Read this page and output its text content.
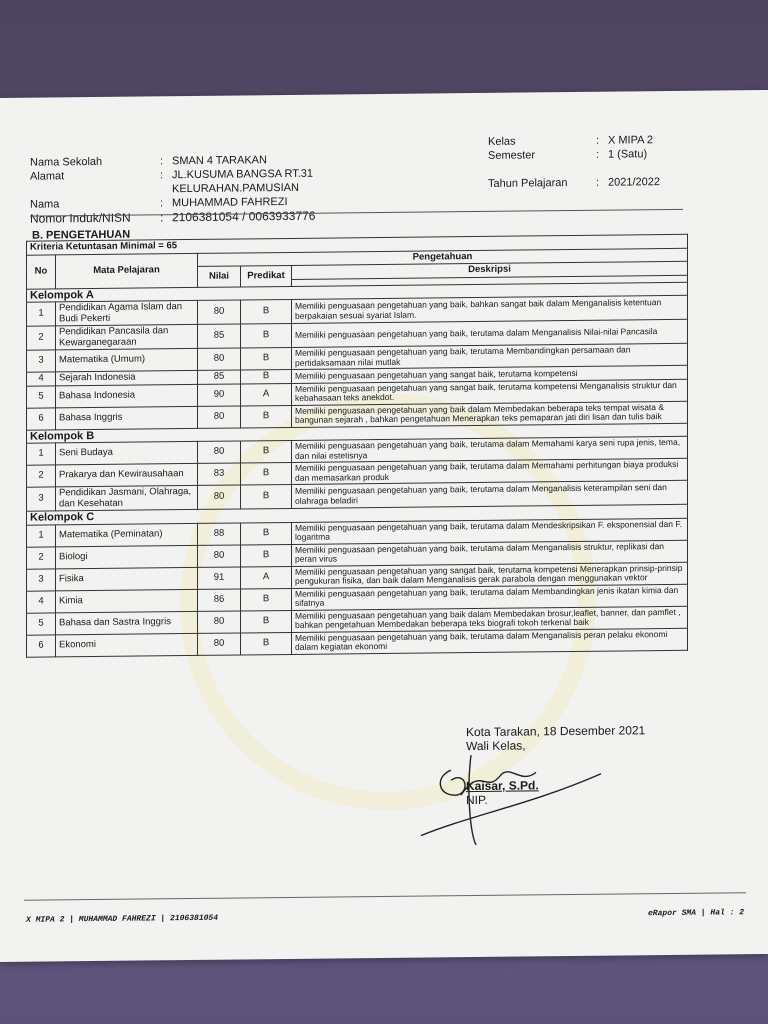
Kelas	: X MIPA 2
Semester	: 1 (Satu)
Tahun Pelajaran	: 2021/2022
Nama Sekolah	: SMAN 4 TARAKAN
Alamat	: JL.KUSUMA BANGSA RT.31
KELURAHAN.PAMUSIAN
Nama	: MUHAMMAD FAHREZI
Nomor Induk/NISN	: 2106381054 / 0063933776
B. PENGETAHUAN
Kriteria Ketuntasan Minimal = 65				
No	Mata Pelajaran	Pengetahuan		
		Nilai	Predikat	Deskripsi

Kelompok A				
1	Pendidikan Agama Islam dan Budi Pekerti	80	B	Memiliki penguasaan pengetahuan yang baik, bahkan sangat baik dalam Menganalisis ketentuan berpakaian sesuai syariat Islam.
2	Pendidikan Pancasila dan Kewarganegaraan	85	B	Memiliki penguasaan pengetahuan yang baik, terutama dalam Menganalisis Nilai-nilai Pancasila
3	Matematika (Umum)	80	B	Memiliki penguasaan pengetahuan yang baik, terutama Membandingkan persamaan dan pertidaksamaan nilai mutlak
4	Sejarah Indonesia	85	B	Memiliki penguasaan pengetahuan yang sangat baik, terutama kompetensi
5	Bahasa Indonesia	90	A	Memiliki penguasaan pengetahuan yang sangat baik, terutama kompetensi Menganalisis struktur dan kebahasaan teks anekdot.
6	Bahasa Inggris	80	B	Memiliki penguasaan pengetahuan yang baik dalam Membedakan beberapa teks tempat wisata & bangunan sejarah , bahkan pengetahuan Menerapkan teks pemaparan jati diri lisan dan tulis baik
Kelompok B				
1	Seni Budaya	80	B	Memiliki penguasaan pengetahuan yang baik, terutama dalam Memahami karya seni rupa jenis, tema, dan nilai estetisnya
2	Prakarya dan Kewirausahaan	83	B	Memiliki penguasaan pengetahuan yang baik, terutama dalam Memahami perhitungan biaya produksi dan memasarkan produk
3	Pendidikan Jasmani, Olahraga, dan Kesehatan	80	B	Memiliki penguasaan pengetahuan yang baik, terutama dalam Menganalisis keterampilan seni dan olahraga beladiri
Kelompok C				
1	Matematika (Peminatan)	88	B	Memiliki penguasaan pengetahuan yang baik, terutama dalam Mendeskripsikan F. eksponensial dan F. logaritma
2	Biologi	80	B	Memiliki penguasaan pengetahuan yang baik, terutama dalam Menganalisis struktur, replikasi dan peran virus
3	Fisika	91	A	Memiliki penguasaan pengetahuan yang sangat baik, terutama kompetensi Menerapkan prinsip-prinsip pengukuran fisika, dan baik dalam Menganalisis gerak parabola dengan menggunakan vektor
4	Kimia	86	B	Memiliki penguasaan pengetahuan yang baik, terutama dalam Membandingkan jenis ikatan kimia dan sifatnya
5	Bahasa dan Sastra Inggris	80	B	Memiliki penguasaan pengetahuan yang baik dalam Membedakan brosur,leaflet, banner, dan pamflet , bahkan pengetahuan Membedakan beberapa teks biografi tokoh terkenal baik
6	Ekonomi	80	B	Memiliki penguasaan pengetahuan yang baik, terutama dalam Menganalisis peran pelaku ekonomi dalam kegiatan ekonomi
Kota Tarakan, 18 Desember 2021
Wali Kelas,
Kaisar, S.Pd.
NIP.
X MIPA 2 | MUHAMMAD FAHREZI | 2106381054
eRapor SMA | Hal : 2
